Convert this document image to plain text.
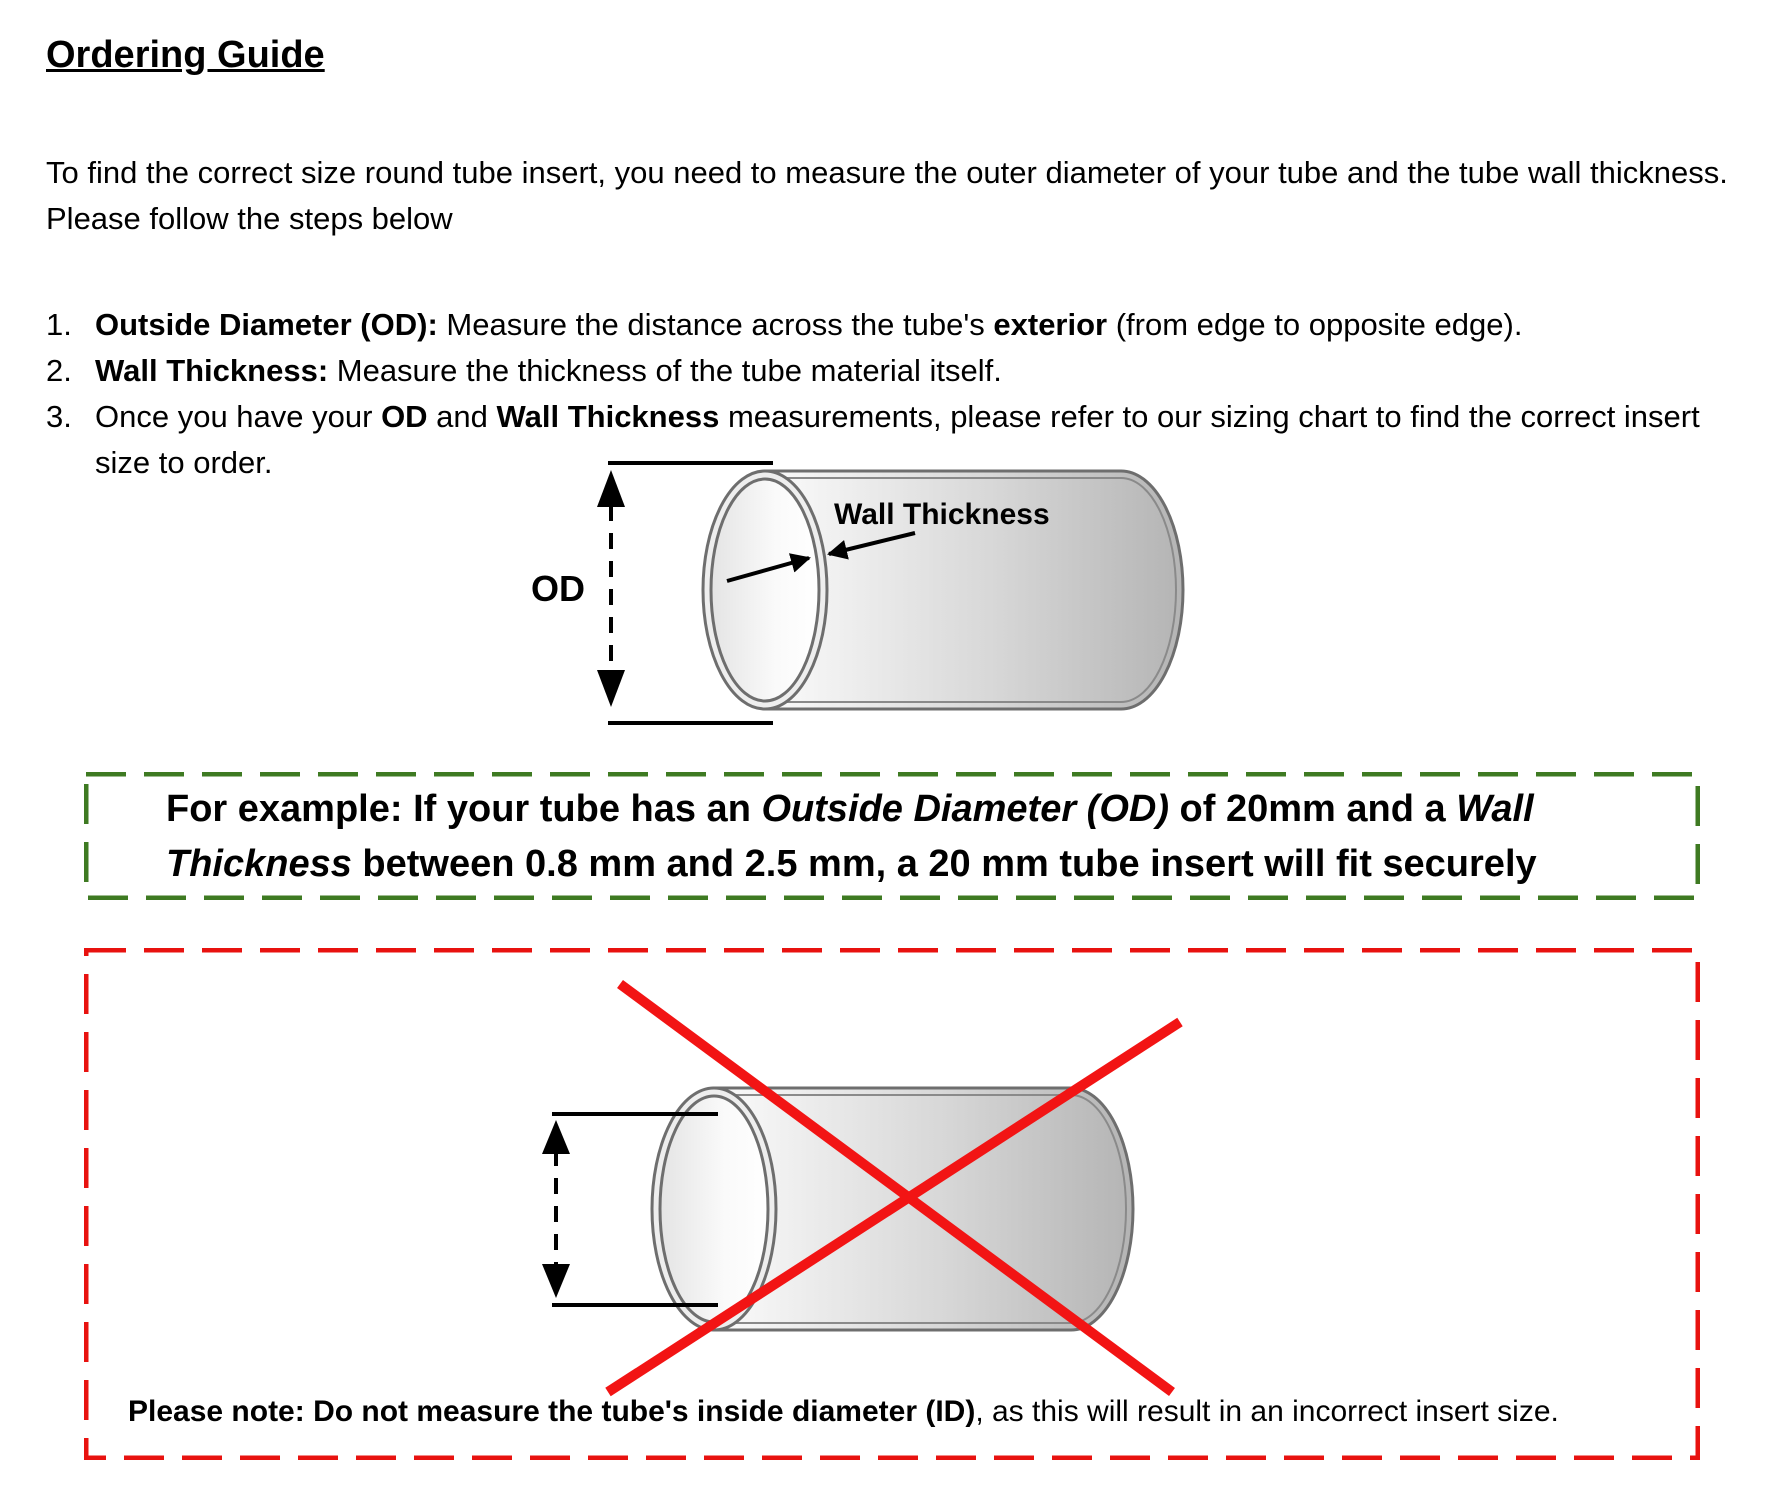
Ordering Guide

To find the correct size round tube insert, you need to measure the outer diameter of your tube and the tube wall thickness. Please follow the steps below

1. Outside Diameter (OD): Measure the distance across the tube's exterior (from edge to opposite edge).
2. Wall Thickness: Measure the thickness of the tube material itself.
3. Once you have your OD and Wall Thickness measurements, please refer to our sizing chart to find the correct insert size to order.
OD
Wall Thickness

For example: If your tube has an Outside Diameter (OD) of 20mm and a Wall Thickness between 0.8 mm and 2.5 mm, a 20 mm tube insert will fit securely

Please note: Do not measure the tube's inside diameter (ID), as this will result in an incorrect insert size.
